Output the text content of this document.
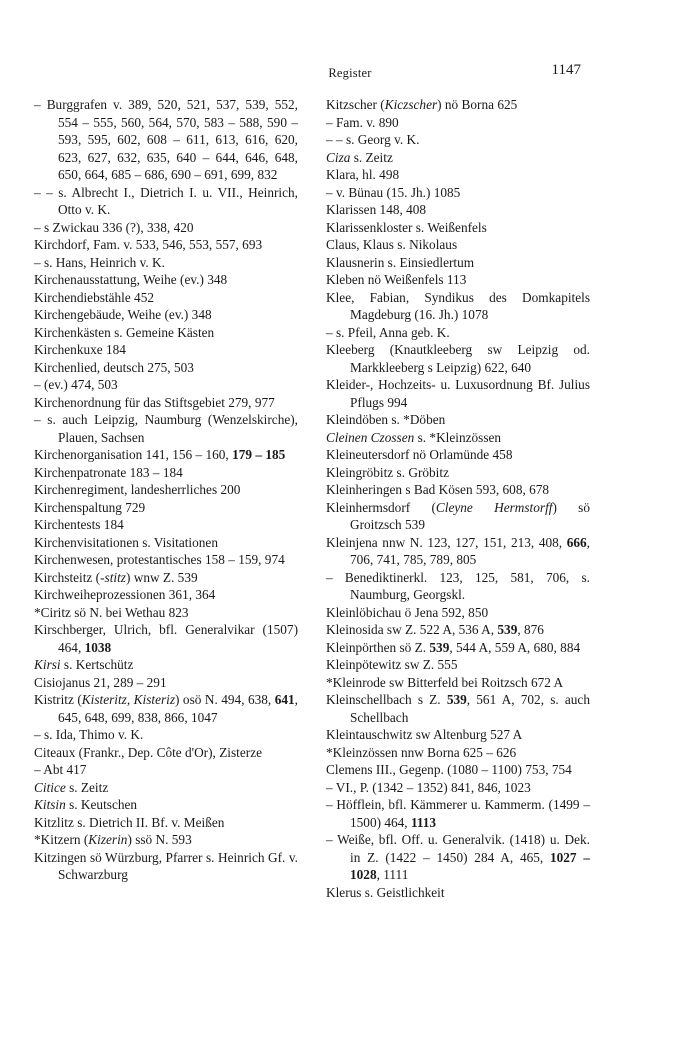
Register	1147

– Burggrafen v. 389, 520, 521, 537, 539, 552, 554 – 555, 560, 564, 570, 583 – 588, 590 – 593, 595, 602, 608 – 611, 613, 616, 620, 623, 627, 632, 635, 640 – 644, 646, 648, 650, 664, 685 – 686, 690 – 691, 699, 832

– – s. Albrecht I., Dietrich I. u. VII., Heinrich, Otto v. K.

– s Zwickau 336 (?), 338, 420

Kirchdorf, Fam. v. 533, 546, 553, 557, 693

– s. Hans, Heinrich v. K.

Kirchenausstattung, Weihe (ev.) 348

Kirchendiebstähle 452

Kirchengebäude, Weihe (ev.) 348

Kirchenkästen s. Gemeine Kästen

Kirchenkuxe 184

Kirchenlied, deutsch 275, 503

– (ev.) 474, 503

Kirchenordnung für das Stiftsgebiet 279, 977

– s. auch Leipzig, Naumburg (Wenzelskirche), Plauen, Sachsen

Kirchenorganisation 141, 156 – 160, 179 – 185

Kirchenpatronate 183 – 184

Kirchenregiment, landesherrliches 200

Kirchenspaltung 729

Kirchentests 184

Kirchenvisitationen s. Visitationen

Kirchenwesen, protestantisches 158 – 159, 974

Kirchsteitz (-stitz) wnw Z. 539

Kirchweiheprozessionen 361, 364

*Ciritz sö N. bei Wethau 823

Kirschberger, Ulrich, bfl. Generalvikar (1507) 464, 1038

Kirsi s. Kertschütz

Cisiojanus 21, 289 – 291

Kistritz (Kisteritz, Kisteriz) osö N. 494, 638, 641, 645, 648, 699, 838, 866, 1047

– s. Ida, Thimo v. K.

Citeaux (Frankr., Dep. Côte d'Or), Zisterze

– Abt 417

Citice s. Zeitz

Kitsin s. Keutschen

Kitzlitz s. Dietrich II. Bf. v. Meißen

*Kitzern (Kizerin) ssö N. 593

Kitzingen sö Würzburg, Pfarrer s. Heinrich Gf. v. Schwarzburg

Kitzscher (Kiczscher) nö Borna 625

– Fam. v. 890

– – s. Georg v. K.

Ciza s. Zeitz

Klara, hl. 498

– v. Bünau (15. Jh.) 1085

Klarissen 148, 408

Klarissenkloster s. Weißenfels

Claus, Klaus s. Nikolaus

Klausnerin s. Einsiedlertum

Kleben nö Weißenfels 113

Klee, Fabian, Syndikus des Domkapitels Magdeburg (16. Jh.) 1078

– s. Pfeil, Anna geb. K.

Kleeberg (Knautkleeberg sw Leipzig od. Markkleeberg s Leipzig) 622, 640

Kleider-, Hochzeits- u. Luxusordnung Bf. Julius Pflugs 994

Kleindöben s. *Döben

Cleinen Czossen s. *Kleinzössen

Kleineutersdorf nö Orlamünde 458

Kleingröbitz s. Gröbitz

Kleinheringen s Bad Kösen 593, 608, 678

Kleinhermsdorf (Cleyne Hermstorff) sö Groitzsch 539

Kleinjena nnw N. 123, 127, 151, 213, 408, 666, 706, 741, 785, 789, 805

– Benediktinerkl. 123, 125, 581, 706, s. Naumburg, Georgskl.

Kleinlöbichau ö Jena 592, 850

Kleinosida sw Z. 522 A, 536 A, 539, 876

Kleinpörthen sö Z. 539, 544 A, 559 A, 680, 884

Kleinpötewitz sw Z. 555

*Kleinrode sw Bitterfeld bei Roitzsch 672 A

Kleinschellbach s Z. 539, 561 A, 702, s. auch Schellbach

Kleintauschwitz sw Altenburg 527 A

*Kleinzössen nnw Borna 625 – 626

Clemens III., Gegenp. (1080 – 1100) 753, 754

– VI., P. (1342 – 1352) 841, 846, 1023

– Höfflein, bfl. Kämmerer u. Kammerm. (1499 – 1500) 464, 1113

– Weiße, bfl. Off. u. Generalvik. (1418) u. Dek. in Z. (1422 – 1450) 284 A, 465, 1027 – 1028, 1111

Klerus s. Geistlichkeit
